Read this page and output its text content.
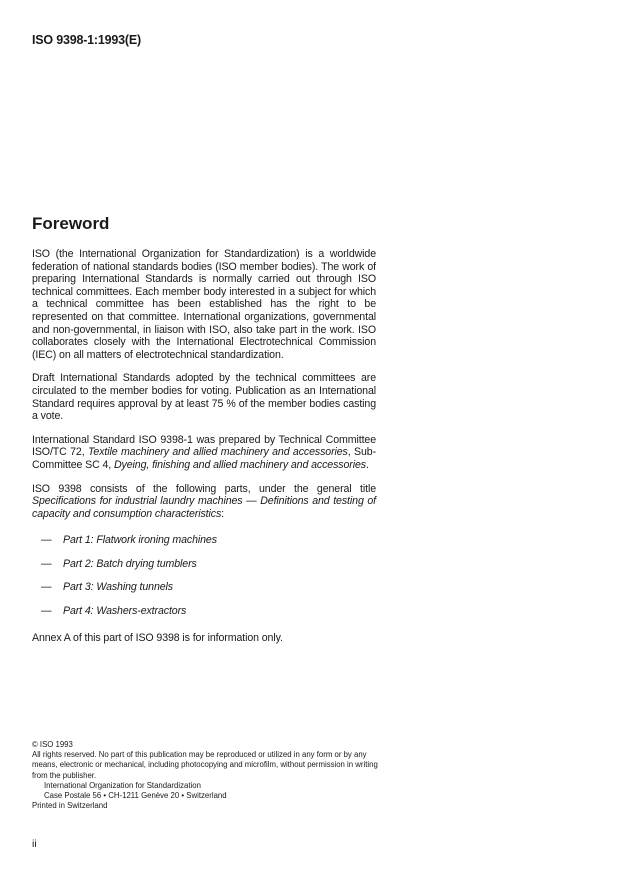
ISO 9398-1:1993(E)
Foreword

ISO (the International Organization for Standardization) is a worldwide federation of national standards bodies (ISO member bodies). The work of preparing International Standards is normally carried out through ISO technical committees. Each member body interested in a subject for which a technical committee has been established has the right to be represented on that committee. International organizations, governmental and non-governmental, in liaison with ISO, also take part in the work. ISO collaborates closely with the International Electrotechnical Commission (IEC) on all matters of electrotechnical standardization.

Draft International Standards adopted by the technical committees are circulated to the member bodies for voting. Publication as an International Standard requires approval by at least 75 % of the member bodies casting a vote.

International Standard ISO 9398-1 was prepared by Technical Committee ISO/TC 72, Textile machinery and allied machinery and accessories, Sub-Committee SC 4, Dyeing, finishing and allied machinery and accessories.

ISO 9398 consists of the following parts, under the general title Specifications for industrial laundry machines — Definitions and testing of capacity and consumption characteristics:

— Part 1: Flatwork ironing machines
— Part 2: Batch drying tumblers
— Part 3: Washing tunnels
— Part 4: Washers-extractors

Annex A of this part of ISO 9398 is for information only.

© ISO 1993

All rights reserved. No part of this publication may be reproduced or utilized in any form or by any means, electronic or mechanical, including photocopying and microfilm, without permission in writing from the publisher.

International Organization for Standardization

Case Postale 56 • CH-1211 Genève 20 • Switzerland

Printed in Switzerland

ii
